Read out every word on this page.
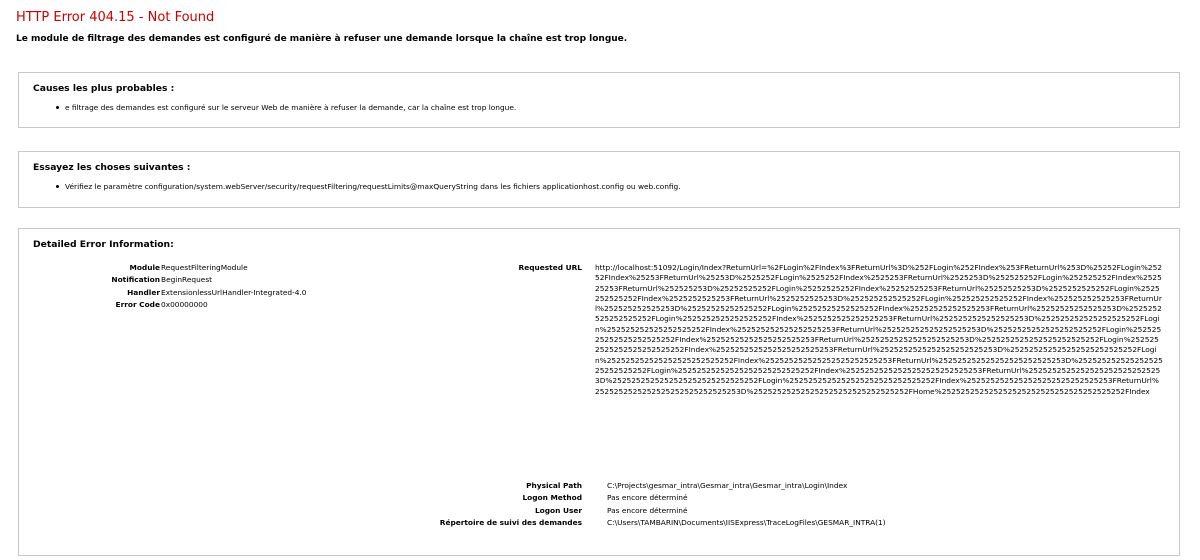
HTTP Error 404.15 - Not Found
Le module de filtrage des demandes est configuré de manière à refuser une demande lorsque la chaîne est trop longue.
Causes les plus probables :
e filtrage des demandes est configuré sur le serveur Web de manière à refuser la demande, car la chaîne est trop longue.
Essayez les choses suivantes :
Vérifiez le paramètre configuration/system.webServer/security/requestFiltering/requestLimits@maxQueryString dans les fichiers applicationhost.config ou web.config.
Detailed Error Information:
Module
Notification
Handler
Error Code
RequestFilteringModule
BeginRequest
ExtensionlessUrlHandler-Integrated-4.0
0x00000000
Requested URL http://localhost:51092/Login/Index?ReturnUrl=%2FLogin%2FIndex%3FReturnUrl%3D%252FLogin%252FIndex%253FReturnUrl%253D%25252FLogin%25252FIndex%25253FReturnUrl%25253D%2525252FLogin%2525252FIndex%2525253FReturnUrl%2525253D%252525252FLogin%252525252FIndex%252525253FReturnUrl%252525253D%25252525252FLogin%25252525252FIndex%25252525253FReturnUrl%25252525253D%2525252525252FLogin%2525252525252FIndex%2525252525253FReturnUrl%2525252525253D%252525252525252FLogin%252525252525252FIndex%252525252525253FReturnUrl%252525252525253D%25252525252525252FLogin%25252525252525252FIndex%25252525252525253FReturnUrl%25252525252525253D%2525252525252525252FLogin%2525252525252525252FIndex%2525252525252525253FReturnUrl%2525252525252525253D%252525252525252525252FLogin%252525252525252525252FIndex%252525252525252525253FReturnUrl%252525252525252525253D%25252525252525252525252FLogin%25252525252525252525252FIndex%25252525252525252525253FReturnUrl%25252525252525252525253D%2525252525252525252525252FLogin%2525252525252525252525252FIndex%2525252525252525252525253FReturnUrl%2525252525252525252525253D%252525252525252525252525252FLogin%252525252525252525252525252FIndex%252525252525252525252525253FReturnUrl%252525252525252525252525253D%25252525252525252525252525252FLogin%25252525252525252525252525252FIndex%25252525252525252525252525253FReturnUrl%25252525252525252525252525253D%2525252525252525252525252525252FLogin%2525252525252525252525252525252FIndex%2525252525252525252525252525253FReturnUrl%2525252525252525252525252525253D%252525252525252525252525252525252FHome%252525252525252525252525252525252525252FIndex
Physical Path
Logon Method
Logon User
Répertoire de suivi des demandes
C:\Projects\gesmar_intra\Gesmar_intra\Gesmar_intra\Login\Index
Pas encore déterminé
Pas encore déterminé
C:\Users\TAMBARIN\Documents\IISExpress\TraceLogFiles\GESMAR_INTRA(1)
